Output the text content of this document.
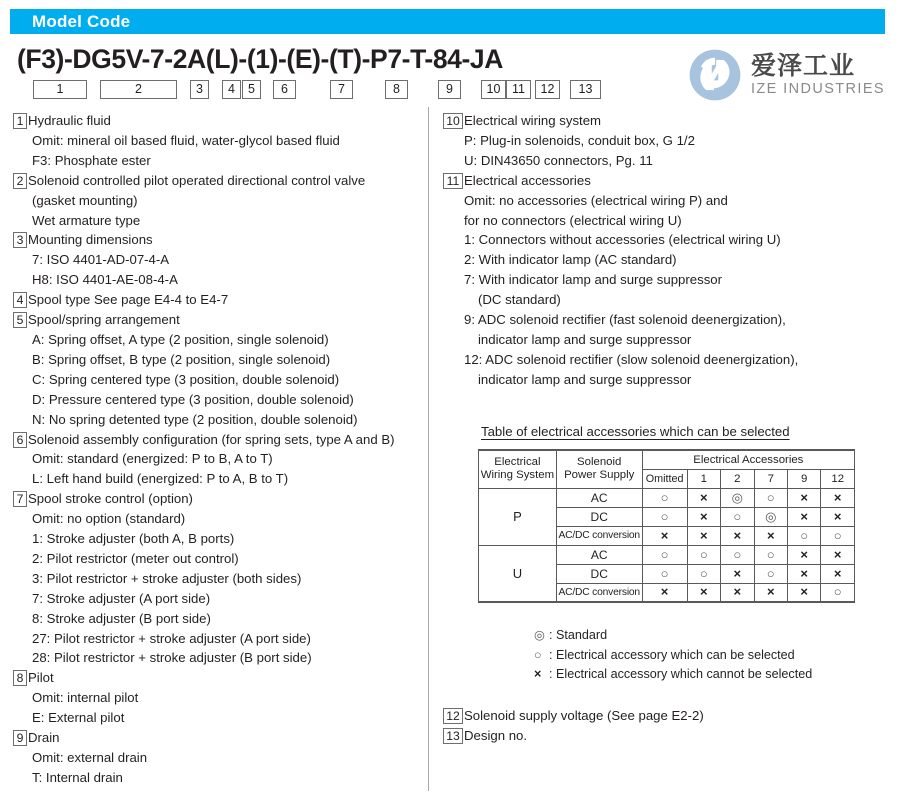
Model Code
(F3)-DG5V-7-2A(L)-(1)-(E)-(T)-P7-T-84-JA
1	2	3	4	5	6	7	8	9	10 11	12	13
爱泽工业
IZE INDUSTRIES
1 Hydraulic fluid
Omit: mineral oil based fluid, water-glycol based fluid
F3: Phosphate ester
2 Solenoid controlled pilot operated directional control valve
(gasket mounting)
Wet armature type
3 Mounting dimensions
7: ISO 4401-AD-07-4-A
H8: ISO 4401-AE-08-4-A
4 Spool type See page E4-4 to E4-7
5 Spool/spring arrangement
A: Spring offset, A type (2 position, single solenoid)
B: Spring offset, B type (2 position, single solenoid)
C: Spring centered type (3 position, double solenoid)
D: Pressure centered type (3 position, double solenoid)
N: No spring detented type (2 position, double solenoid)
6 Solenoid assembly configuration (for spring sets, type A and B)
Omit: standard (energized: P to B, A to T)
L: Left hand build (energized: P to A, B to T)
7 Spool stroke control (option)
Omit: no option (standard)
1: Stroke adjuster (both A, B ports)
2: Pilot restrictor (meter out control)
3: Pilot restrictor + stroke adjuster (both sides)
7: Stroke adjuster (A port side)
8: Stroke adjuster (B port side)
27: Pilot restrictor + stroke adjuster (A port side)
28: Pilot restrictor + stroke adjuster (B port side)
8 Pilot
Omit: internal pilot
E: External pilot
9 Drain
Omit: external drain
T: Internal drain
10 Electrical wiring system
P: Plug-in solenoids, conduit box, G 1/2
U: DIN43650 connectors, Pg. 11
11 Electrical accessories
Omit: no accessories (electrical wiring P) and
for no connectors (electrical wiring U)
1: Connectors without accessories (electrical wiring U)
2: With indicator lamp (AC standard)
7: With indicator lamp and surge suppressor
(DC standard)
9: ADC solenoid rectifier (fast solenoid deenergization),
indicator lamp and surge suppressor
12: ADC solenoid rectifier (slow solenoid deenergization),
indicator lamp and surge suppressor
Table of electrical accessories which can be selected
Electrical
Wiring System

Solenoid
Power Supply
	Electrical Accessories
		Omitted	1	2	7	9	12
P	AC	○	×	◎	○	×	×
	DC	○	×	○	◎	×	×
	AC/DC conversion	×	×	×	×	○	○
U	AC	○	○	○	○	×	×
	DC	○	○	×	○	×	×
	AC/DC conversion	×	×	×	×	×	○
◎ : Standard
○ : Electrical accessory which can be selected
× : Electrical accessory which cannot be selected
12 Solenoid supply voltage (See page E2-2)
13 Design no.
